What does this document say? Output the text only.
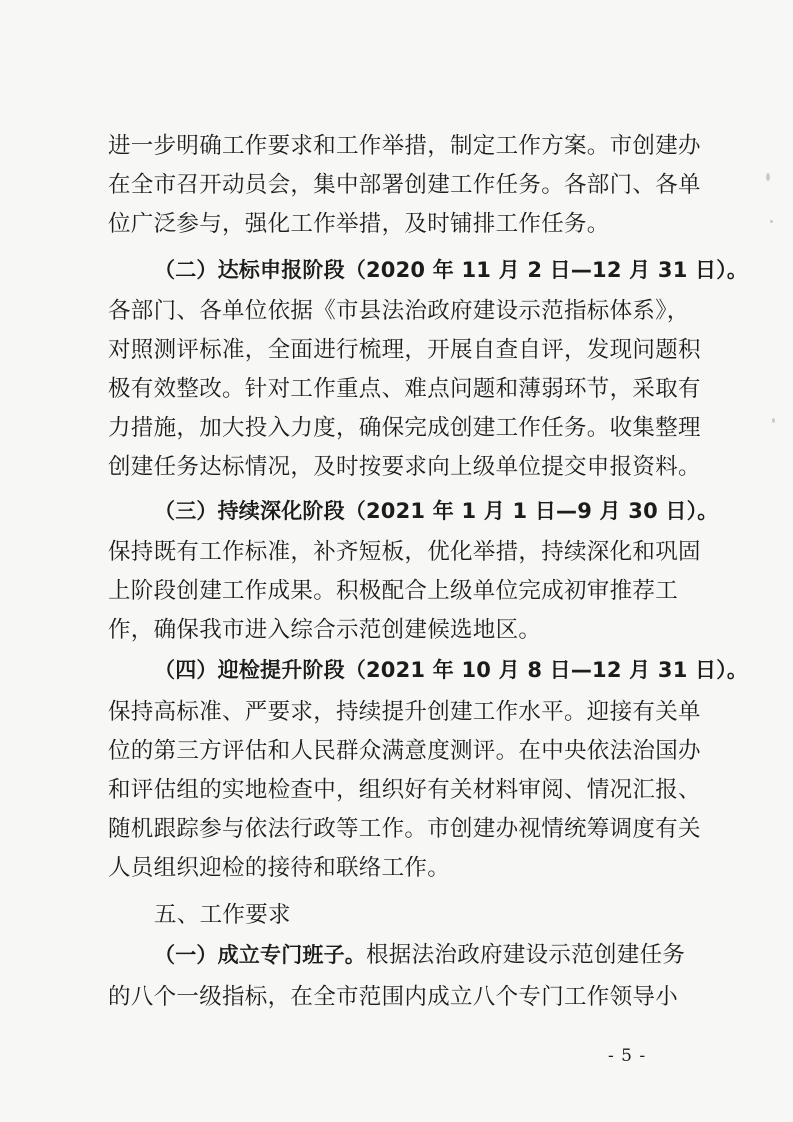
进一步明确工作要求和工作举措，制定工作方案。市创建办
在全市召开动员会，集中部署创建工作任务。各部门、各单
位广泛参与，强化工作举措，及时铺排工作任务。
（二）达标申报阶段（2020 年 11 月 2 日—12 月 31 日）。
各部门、各单位依据《市县法治政府建设示范指标体系》，
对照测评标准，全面进行梳理，开展自查自评，发现问题积
极有效整改。针对工作重点、难点问题和薄弱环节，采取有
力措施，加大投入力度，确保完成创建工作任务。收集整理
创建任务达标情况，及时按要求向上级单位提交申报资料。
（三）持续深化阶段（2021 年 1 月 1 日—9 月 30 日）。
保持既有工作标准，补齐短板，优化举措，持续深化和巩固
上阶段创建工作成果。积极配合上级单位完成初审推荐工
作，确保我市进入综合示范创建候选地区。
（四）迎检提升阶段（2021 年 10 月 8 日—12 月 31 日）。
保持高标准、严要求，持续提升创建工作水平。迎接有关单
位的第三方评估和人民群众满意度测评。在中央依法治国办
和评估组的实地检查中，组织好有关材料审阅、情况汇报、
随机跟踪参与依法行政等工作。市创建办视情统筹调度有关
人员组织迎检的接待和联络工作。
五、工作要求
（一）成立专门班子。根据法治政府建设示范创建任务
的八个一级指标，在全市范围内成立八个专门工作领导小
- 5 -
